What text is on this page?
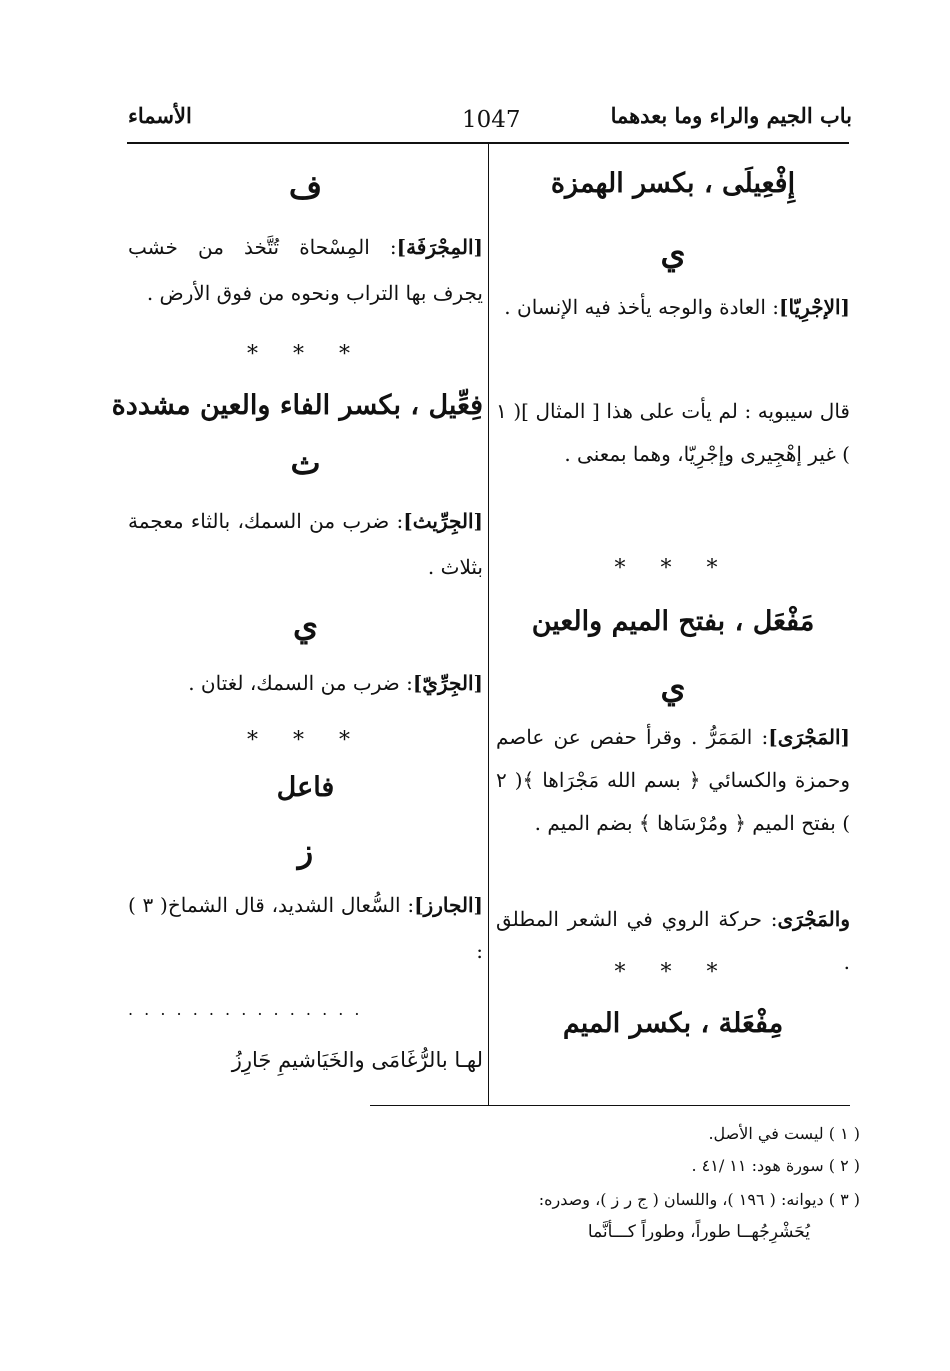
باب الجيم والراء وما بعدهما
1047
الأسماء
إِفْعِيلَى ، بكسر الهمزة
ي
[الإجْرِيّا]: العادة والوجه يأخذ فيه الإنسان .
قال سيبويه : لم يأت على هذا [ المثال ]( ١ ) غير إهْجِيرى وإجْرِيّا، وهما بمعنى .
* * *
مَفْعَل ، بفتح الميم والعين
ي
[المَجْرَى]: المَمَرُّ . وقرأ حفص عن عاصم وحمزة والكسائي ﴿ بسم الله مَجْرَاها ﴾( ٢ ) بفتح الميم ﴿ ومُرْسَاها ﴾ بضم الميم .
والمَجْرَى: حركة الروي في الشعر المطلق .
* * *
مِفْعَلة ، بكسر الميم
ف
[المِجْرَفَة]: المِسْحاة تُتَّخذ من خشب يجرف بها التراب ونحوه من فوق الأرض .
* * *
فِعِّيل ، بكسر الفاء والعين مشددة
ث
[الجِرِّيث]: ضرب من السمك، بالثاء معجمة بثلاث .
ي
[الجِرِّيّ]: ضرب من السمك، لغتان .
* * *
فاعل
ز
[الجارز]: السُّعال الشديد، قال الشماخ( ٣ ) :
. . . . . . . . . . . . . . .
لهـا بالرُّغَامَى والخَيَاشيمِ جَارِزُ
( ١ ) ليست في الأصل.
( ٢ ) سورة هود: ١١ /٤١ .
( ٣ ) ديوانه: ( ١٩٦ )، واللسان ( ج ر ز )، وصدره:
يُحَشْرِجُهــا طوراً، وطوراً كـــأنَّما
